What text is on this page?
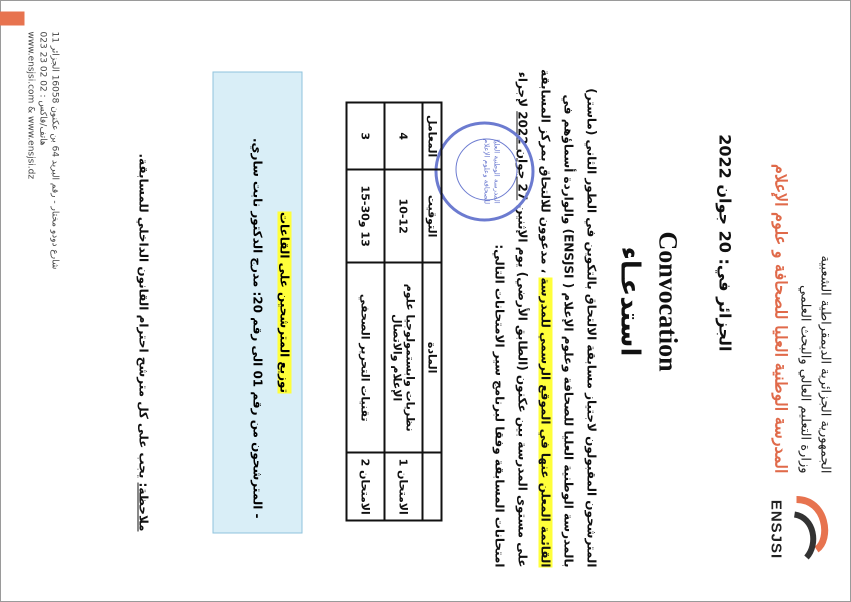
الجمهورية الجزائرية الديمقراطية الشعبية
وزارة التعليم العالي والبحث العلمي
المدرسة الوطنية العليا للصحافة و علوم الإعلام
ENSJSI
الجزائر في: 20 جوان 2022
Convocation
استدعـاء
المترشحون المقبولون لاجتياز مسابقة الالتحاق بالتكوين في الطور الثاني (ماستر)
بالمدرسة الوطنية العليا للصحافة وعلوم الإعلام ( ENSJSI) والواردة أسماؤهم في
القائمة المعلن عنها في الموقع الرسمي للمدرسة ، مدعوون للالتحاق بمركز المسابقة
على مستوى المدرسة بين عكنون (الطابق الأرضي) يوم الإثنين 27 جوان 2022 لإجراء
امتحانات المسابقة وفقا لبرنامج سير الامتحانات التالي:
المدرسة الوطنية العليا للصحافة وعلوم الإعلام
	المادة	التوقيت	المعامل
الامتحان 1	نظريات وابستمولوجيا علوم الإعلام والاتصال	10-12	4
الامتحان 2	تقنيات التحرير الصحفي	13 و30-15	3
توزيع المترشحين على القاعات
- المترشحون من رقم 01 الى رقم 20: مدرج الدكتور نابت ساري.
ملاحظة: يجب على كل مترشح احترام القانون الداخلي للمسابقة.
11 شارع دودو مختار - رقم البريد 64 بن عكنون 16058 الجزائر
هاتف/فاكس : 02 02 23 023
www.ensjsi.com & www.ensjsi.dz
